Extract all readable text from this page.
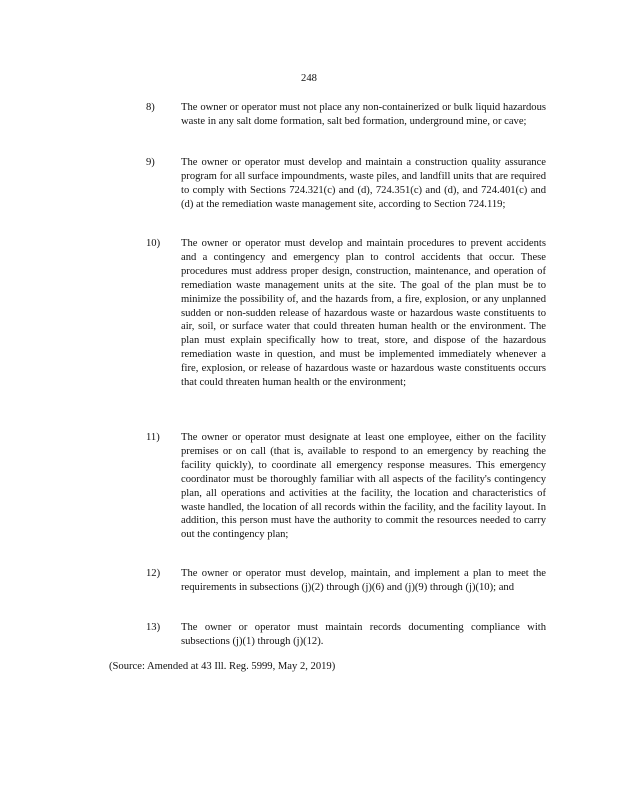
248
8) The owner or operator must not place any non-containerized or bulk liquid hazardous waste in any salt dome formation, salt bed formation, underground mine, or cave;

9) The owner or operator must develop and maintain a construction quality assurance program for all surface impoundments, waste piles, and landfill units that are required to comply with Sections 724.321(c) and (d), 724.351(c) and (d), and 724.401(c) and (d) at the remediation waste management site, according to Section 724.119;

10) The owner or operator must develop and maintain procedures to prevent accidents and a contingency and emergency plan to control accidents that occur. These procedures must address proper design, construction, maintenance, and operation of remediation waste management units at the site. The goal of the plan must be to minimize the possibility of, and the hazards from, a fire, explosion, or any unplanned sudden or non-sudden release of hazardous waste or hazardous waste constituents to air, soil, or surface water that could threaten human health or the environment. The plan must explain specifically how to treat, store, and dispose of the hazardous remediation waste in question, and must be implemented immediately whenever a fire, explosion, or release of hazardous waste or hazardous waste constituents occurs that could threaten human health or the environment;

11) The owner or operator must designate at least one employee, either on the facility premises or on call (that is, available to respond to an emergency by reaching the facility quickly), to coordinate all emergency response measures. This emergency coordinator must be thoroughly familiar with all aspects of the facility's contingency plan, all operations and activities at the facility, the location and characteristics of waste handled, the location of all records within the facility, and the facility layout. In addition, this person must have the authority to commit the resources needed to carry out the contingency plan;

12) The owner or operator must develop, maintain, and implement a plan to meet the requirements in subsections (j)(2) through (j)(6) and (j)(9) through (j)(10); and

13) The owner or operator must maintain records documenting compliance with subsections (j)(1) through (j)(12).

(Source: Amended at 43 Ill. Reg. 5999, May 2, 2019)
